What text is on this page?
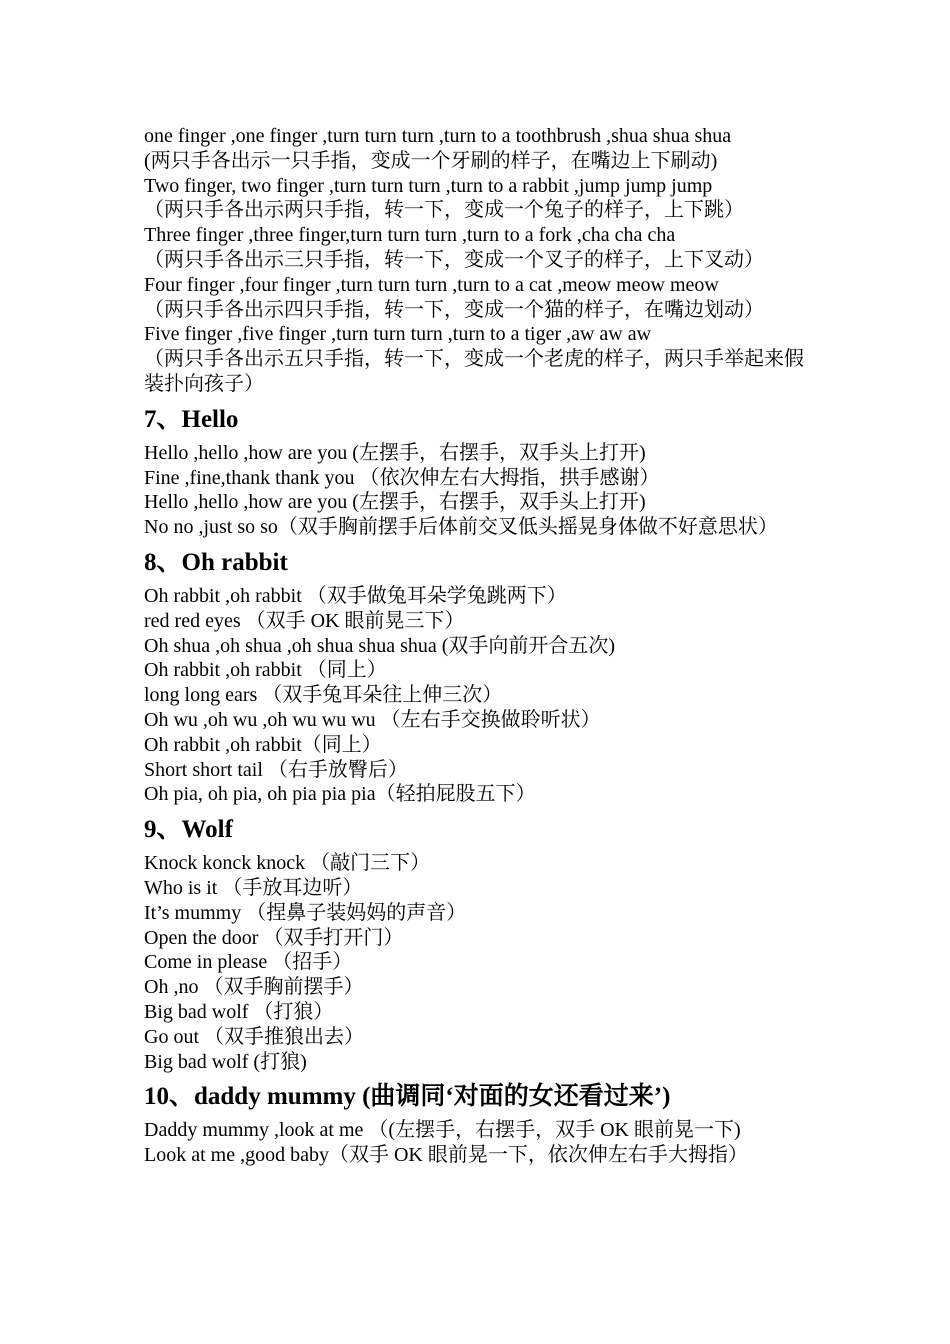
one finger ,one finger ,turn turn turn ,turn to a toothbrush ,shua shua shua
(两只手各出示一只手指，变成一个牙刷的样子，在嘴边上下刷动)
Two finger, two finger ,turn turn turn ,turn to a rabbit ,jump jump jump
（两只手各出示两只手指，转一下，变成一个兔子的样子，上下跳）
Three finger ,three finger,turn turn turn ,turn to a fork ,cha cha cha
（两只手各出示三只手指，转一下，变成一个叉子的样子，上下叉动）
Four finger ,four finger ,turn turn turn ,turn to a cat ,meow meow meow
（两只手各出示四只手指，转一下，变成一个猫的样子，在嘴边划动）
Five finger ,five finger ,turn turn turn ,turn to a tiger ,aw aw aw
（两只手各出示五只手指，转一下，变成一个老虎的样子，两只手举起来假装扑向孩子）
7、Hello
Hello ,hello ,how are you (左摆手，右摆手，双手头上打开)
Fine ,fine,thank thank you （依次伸左右大拇指，拱手感谢）
Hello ,hello ,how are you (左摆手，右摆手，双手头上打开)
No no ,just so so（双手胸前摆手后体前交叉低头摇晃身体做不好意思状）
8、Oh rabbit
Oh rabbit ,oh rabbit （双手做兔耳朵学兔跳两下）
red red eyes （双手 OK 眼前晃三下）
Oh shua ,oh shua ,oh shua shua shua (双手向前开合五次)
Oh rabbit ,oh rabbit （同上）
long long ears （双手兔耳朵往上伸三次）
Oh wu ,oh wu ,oh wu wu wu （左右手交换做聆听状）
Oh rabbit ,oh rabbit（同上）
Short short tail （右手放臀后）
Oh pia, oh pia, oh pia pia pia（轻拍屁股五下）
9、Wolf
Knock konck knock （敲门三下）
Who is it （手放耳边听）
It’s mummy （捏鼻子装妈妈的声音）
Open the door （双手打开门）
Come in please （招手）
Oh ,no （双手胸前摆手）
Big bad wolf （打狼）
Go out （双手推狼出去）
Big bad wolf (打狼)
10、daddy mummy (曲调同‘对面的女还看过来’)
Daddy mummy ,look at me （(左摆手，右摆手，双手 OK 眼前晃一下)
Look at me ,good baby（双手 OK 眼前晃一下，依次伸左右手大拇指）
